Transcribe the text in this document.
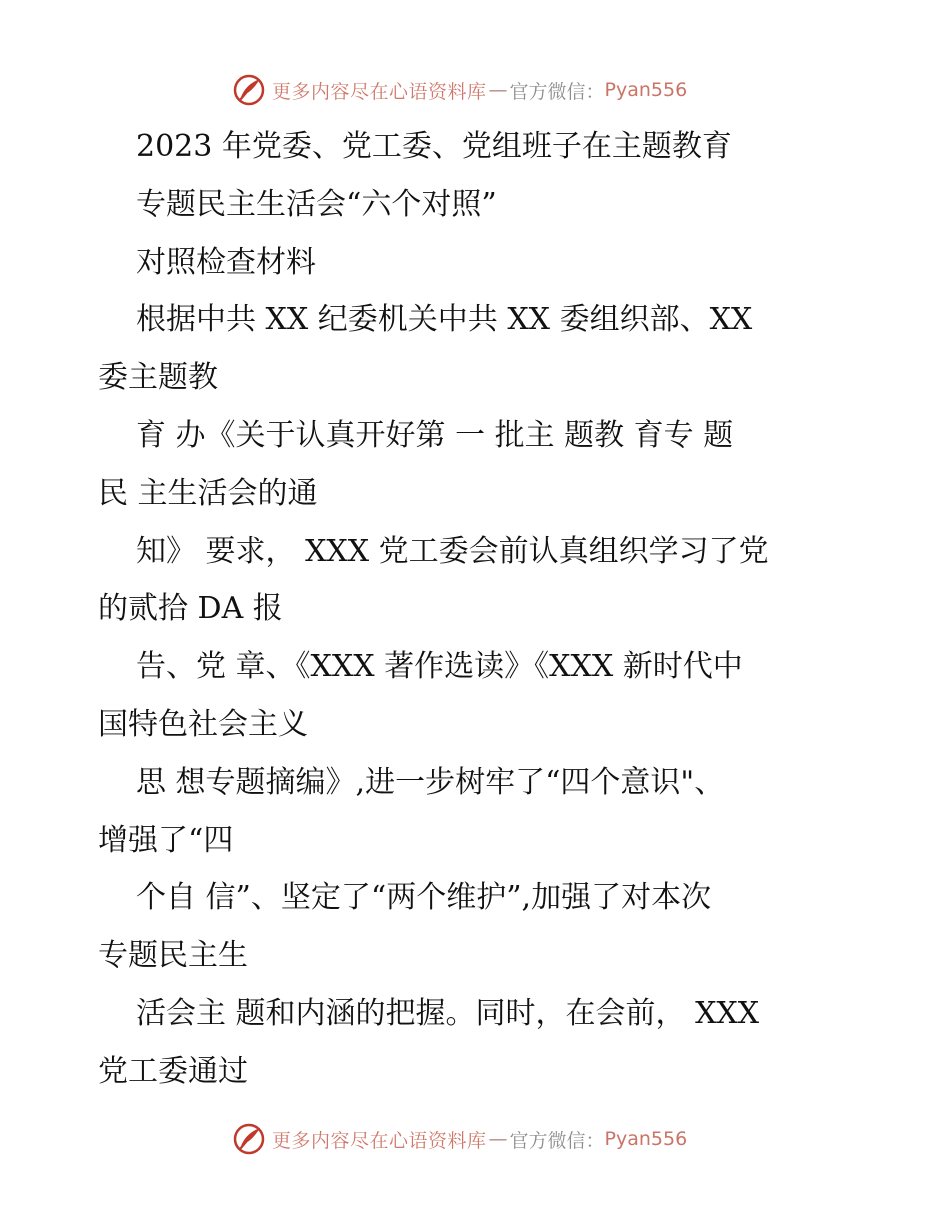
更多内容尽在心语资料库 — 官方微信： Pyan556
2023 年党委、党工委、党组班子在主题教育
专题民主生活会“六个对照”
对照检查材料
根据中共 XX 纪委机关中共 XX 委组织部、XX
委主题教
育 办《关于认真开好第 一 批主 题教 育专 题
民 主生活会的通
知》 要求， XXX 党工委会前认真组织学习了党
的贰拾 DA 报
告、党 章、《XXX 著作选读》《XXX 新时代中
国特色社会主义
思 想专题摘编》,进一步树牢了“四个意识"、
增强了“四
个自 信”、坚定了“两个维护”,加强了对本次
专题民主生
活会主 题和内涵的把握。同时，在会前， XXX
党工委通过
更多内容尽在心语资料库 — 官方微信： Pyan556
